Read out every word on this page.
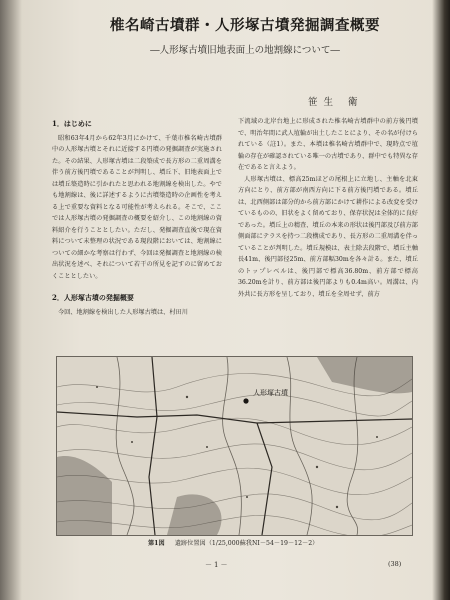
椎名崎古墳群・人形塚古墳発掘調査概要
―人形塚古墳旧地表面上の地割線について―
笹生 衛

1．はじめに

昭和63年4月から62年3月にかけて、千葉市椎名崎古墳群中の人形塚古墳とそれに近接する円墳の発掘調査が実施された。その結果、人形塚古墳は二段築成で長方形の二重周溝を伴う前方後円墳であることが判明し、墳丘下、旧地表面上では墳丘築造時に引かれたと思われる地割線を検出した。やでも地割線は、後に詳述するように古墳築造時の企画性を考える上で重要な資料となる可能性が考えられる。そこで、ここでは人形塚古墳の発掘調査の概要を紹介し、この地割線の資料紹介を行うこととしたい。ただし、発掘調査直後で現在資料について未整理の状況である現段階においては、地割線についての細かな考察は行わず、今回は発掘調査と地割線の検出状況を述べ、それについて若干の所見を記すのに留めておくこととしたい。

2．人形塚古墳の発掘概要

今回、地割線を検出した人形塚古墳は、村田川

下流域の北岸台地上に形成された椎名崎古墳群中の前方後円墳で、明治年間に武人埴輪が出土したことにより、その名が付けられている（註1）。また、本墳は椎名崎古墳群中で、現時点で埴輪の存在が確認されている唯一の古墳であり、群中でも特異な存在であると言えよう。

人形塚古墳は、標高25mほどの尾根上に立地し、主軸を北東方向にとり、前方部が南西方向に下る前方後円墳である。墳丘は、北西側部は部分的から前方部にかけて耕作による改変を受けているものの、旧状をよく留めており、保存状況は全体的に良好であった。墳丘上の精査、墳丘の本来の形状は後円部及び前方部側面部にテラスを持つ二段構成であり、長方形の二重周溝を伴っていることが判明した。墳丘規模は、表土除去段階で、墳丘主軸長41m、後円部径25m、前方部幅30mを各々計る。また、墳丘のトップレベルは、後円部で標高36.80m、前方部で標高36.20mを計り、前方部は後円部よりも0.4m高い。周溝は、内外共に長方形を呈しており、墳丘を全周せず、前方

人形塚古墳
第1図 　 遺跡位置図（1/25,000蘇我NI－54－19－12－2）
－1－	(38)
